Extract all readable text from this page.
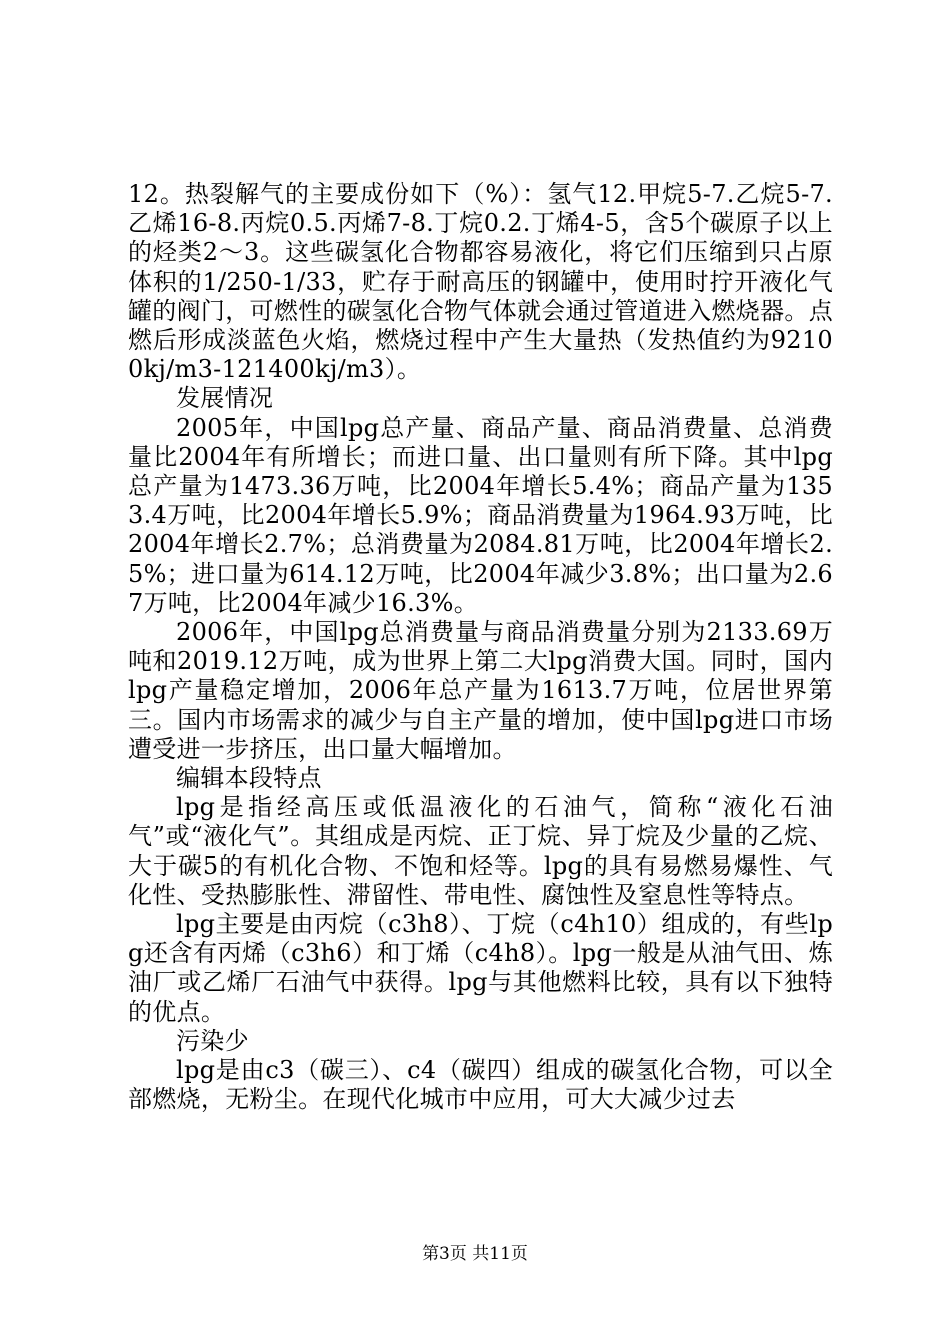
12。热裂解气的主要成份如下（%）：氢气12.甲烷5-7.乙烷5-7.乙烯16-8.丙烷0.5.丙烯7-8.丁烷0.2.丁烯4-5，含5个碳原子以上的烃类2～3。这些碳氢化合物都容易液化，将它们压缩到只占原体积的1/250-1/33，贮存于耐高压的钢罐中，使用时拧开液化气罐的阀门，可燃性的碳氢化合物气体就会通过管道进入燃烧器。点燃后形成淡蓝色火焰，燃烧过程中产生大量热（发热值约为92100kj/m3-121400kj/m3）。

发展情况

2005年，中国lpg总产量、商品产量、商品消费量、总消费量比2004年有所增长；而进口量、出口量则有所下降。其中lpg总产量为1473.36万吨，比2004年增长5.4%；商品产量为1353.4万吨，比2004年增长5.9%；商品消费量为1964.93万吨，比2004年增长2.7%；总消费量为2084.81万吨，比2004年增长2.5%；进口量为614.12万吨，比2004年减少3.8%；出口量为2.67万吨，比2004年减少16.3%。

2006年，中国lpg总消费量与商品消费量分别为2133.69万吨和2019.12万吨，成为世界上第二大lpg消费大国。同时，国内lpg产量稳定增加，2006年总产量为1613.7万吨，位居世界第三。国内市场需求的减少与自主产量的增加，使中国lpg进口市场遭受进一步挤压，出口量大幅增加。

编辑本段特点

lpg是指经高压或低温液化的石油气，简称“液化石油气”或“液化气”。其组成是丙烷、正丁烷、异丁烷及少量的乙烷、大于碳5的有机化合物、不饱和烃等。lpg的具有易燃易爆性、气化性、受热膨胀性、滞留性、带电性、腐蚀性及窒息性等特点。

lpg主要是由丙烷（c3h8）、丁烷（c4h10）组成的，有些lpg还含有丙烯（c3h6）和丁烯（c4h8）。lpg一般是从油气田、炼油厂或乙烯厂石油气中获得。lpg与其他燃料比较，具有以下独特的优点。

污染少

lpg是由c3（碳三）、c4（碳四）组成的碳氢化合物，可以全部燃烧，无粉尘。在现代化城市中应用，可大大减少过去

第3页 共11页
